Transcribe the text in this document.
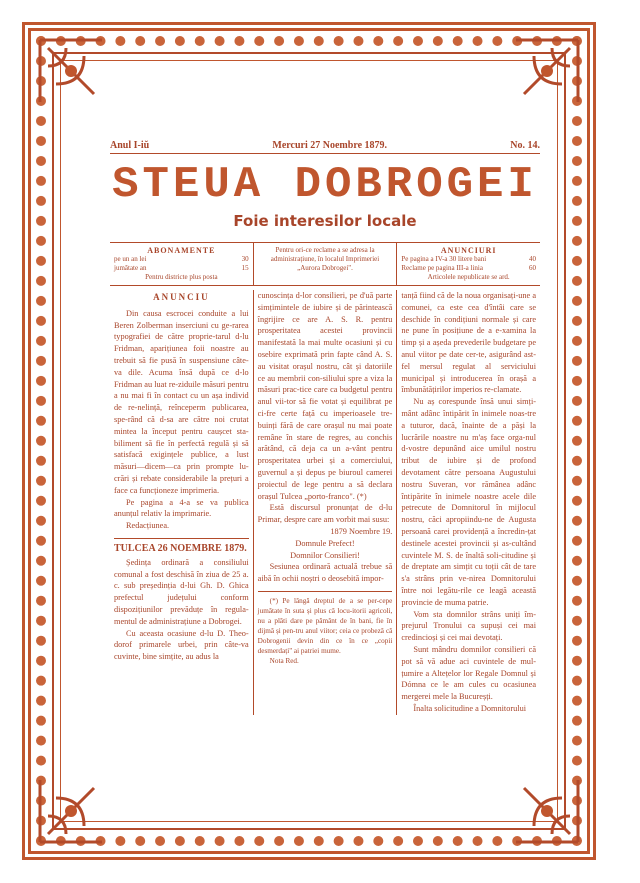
Anul I-iŭ	Mercuri 27 Noembre 1879.	No. 14.
STEUA DOBROGEI
Foie interesilor locale
ABONAMENTE
pe un an lei	30
jumătate an	15
Pentru districte plus posta
Pentru ori-ce reclame a se adresa la
administrațiune, în localul Imprimeriei
„Aurora Dobrogei".
ANUNCIURI
Pe pagina a IV-a 30 litere bani	40
Reclame pe pagina III-a linia	60
Articolele nepublicate se ard.
ANUNCIU

Din causa escrocei conduite a lui Beren Zolberman inserciuni cu ge-rarea typografiei de către proprie-tarul d-lu Fridman, aparițiunea foii noastre au trebuit să fie pusă în suspensiune câte-va dile. Acuma însă după ce d-lo Fridman au luat re-ziduile măsuri pentru a nu mai fi în contact cu un așa individ de re-nelință, reînceperm publicarea, spe-rând că d-sa are către noi crutat mintea la început pentru caușcet sta-biliment să fie în perfectă regulă și să satisfacă exigințele publice, a lust măsuri—dicem—ca prin prompte lu-crări și rebate considerabile la prețuri a face ca funcționeze imprimeria.

Pe pagina a 4-a se va publica anunțul relativ la imprimarie.

Redacțiunea.

TULCEA 26 NOEMBRE 1879.

Ședința ordinară a consiliului comunal a fost deschisă în ziua de 25 a. c. sub președinția d-lui Gh. D. Ghica prefectul județului conform dispozițiunilor prevăduțe în regula-mentul de administrațiune a Dobrogei.

Cu aceasta ocasiune d-lu D. Theo-dorof primarele urbei, prin câte-va cuvinte, bine simțite, au adus la

cunoscința d-lor consilieri, pe d'uă parte simțimintele de iubire și de părintească îngrijire ce are A. S. R. pentru prosperitatea acestei provincii manifestată la mai multe ocasiuni și cu osebire exprimată prin fapte când A. S. au visitat orașul nostru, cât și datoriile ce au membrii con-siliului spre a viza la măsuri prac-tice care ca budgetul pentru anul vii-tor să fie votat și equilibrat pe ci-fre certe față cu imperioasele tre-buinți fără de care orașul nu mai poate remâne în stare de regres, au conchis arătând, că deja ca un a-vânt pentru prosperitatea urbei și a comerciului, guvernul a și depus pe biuroul camerei proiectul de lege pentru a să declara orașul Tulcea „porto-franco". (*)

Estă discursul pronunțat de d-lu Primar, despre care am vorbit mai susu:

1879 Noembre 19.

Domnule Prefect!

Domnilor Consilieri!

Sesiunea ordinară actuală trebue să aibă în ochii noștri o deosebită impor-

(*) Pe lângă dreptul de a se per-cepe jumătate în suta și plus că locu-itorii agricoli, nu a plăti dare pe pământ de în bani, fie în dijmă și pen-tru anul viitor; ceia ce probeză că Dobrogenii devin din ce în ce „copii desmerdați" ai patriei mume.

Nota Red.

tanță fiind că de la noua organisați-une a comunei, ca este cea d'întâi care se deschide în condițiuni normale și care ne pune în posițiune de a e-xamina la timp și a aședa prevederile budgetare pe anul viitor pe date cer-te, asigurând ast-fel mersul regulat al serviciului municipal și introducerea în orașă a îmbunătățirilor imperios re-clamate.

Nu aș corespunde însă unui simți-mânt adânc întipărit în inimele noas-tre a tuturor, dacă, înainte de a păși la lucrările noastre nu m'aș face orga-nul d-vostre depunând aice umilul nostru tribut de iubire și de profond devotament către persoana Augustului nostru Suveran, vor rămânea adânc întipărite în inimele noastre acele dile petrecute de Domnitorul în mijlocul nostru, căci apropiindu-ne de Augusta persoană carei providență a încredin-țat destinele acestei provincii și as-cultând cuvintele M. S. de înaltă soli-citudine și de dreptate am simțit cu toții cât de tare s'a strâns prin ve-nirea Domnitorului între noi legătu-rile ce leagă această provincie de muma patrie.

Vom sta domnilor strâns uniți îm-prejurul Tronului ca supuși cei mai credincioși și cei mai devotați.

Sunt mândru domnilor consilieri că pot să vă adue aci cuvintele de mul-țumire a Altețelor lor Regale Domnul și Dómna ce le am cules cu ocasiunea mergerei mele la Bucureșți.

Înalta solicitudine a Domnitorului
